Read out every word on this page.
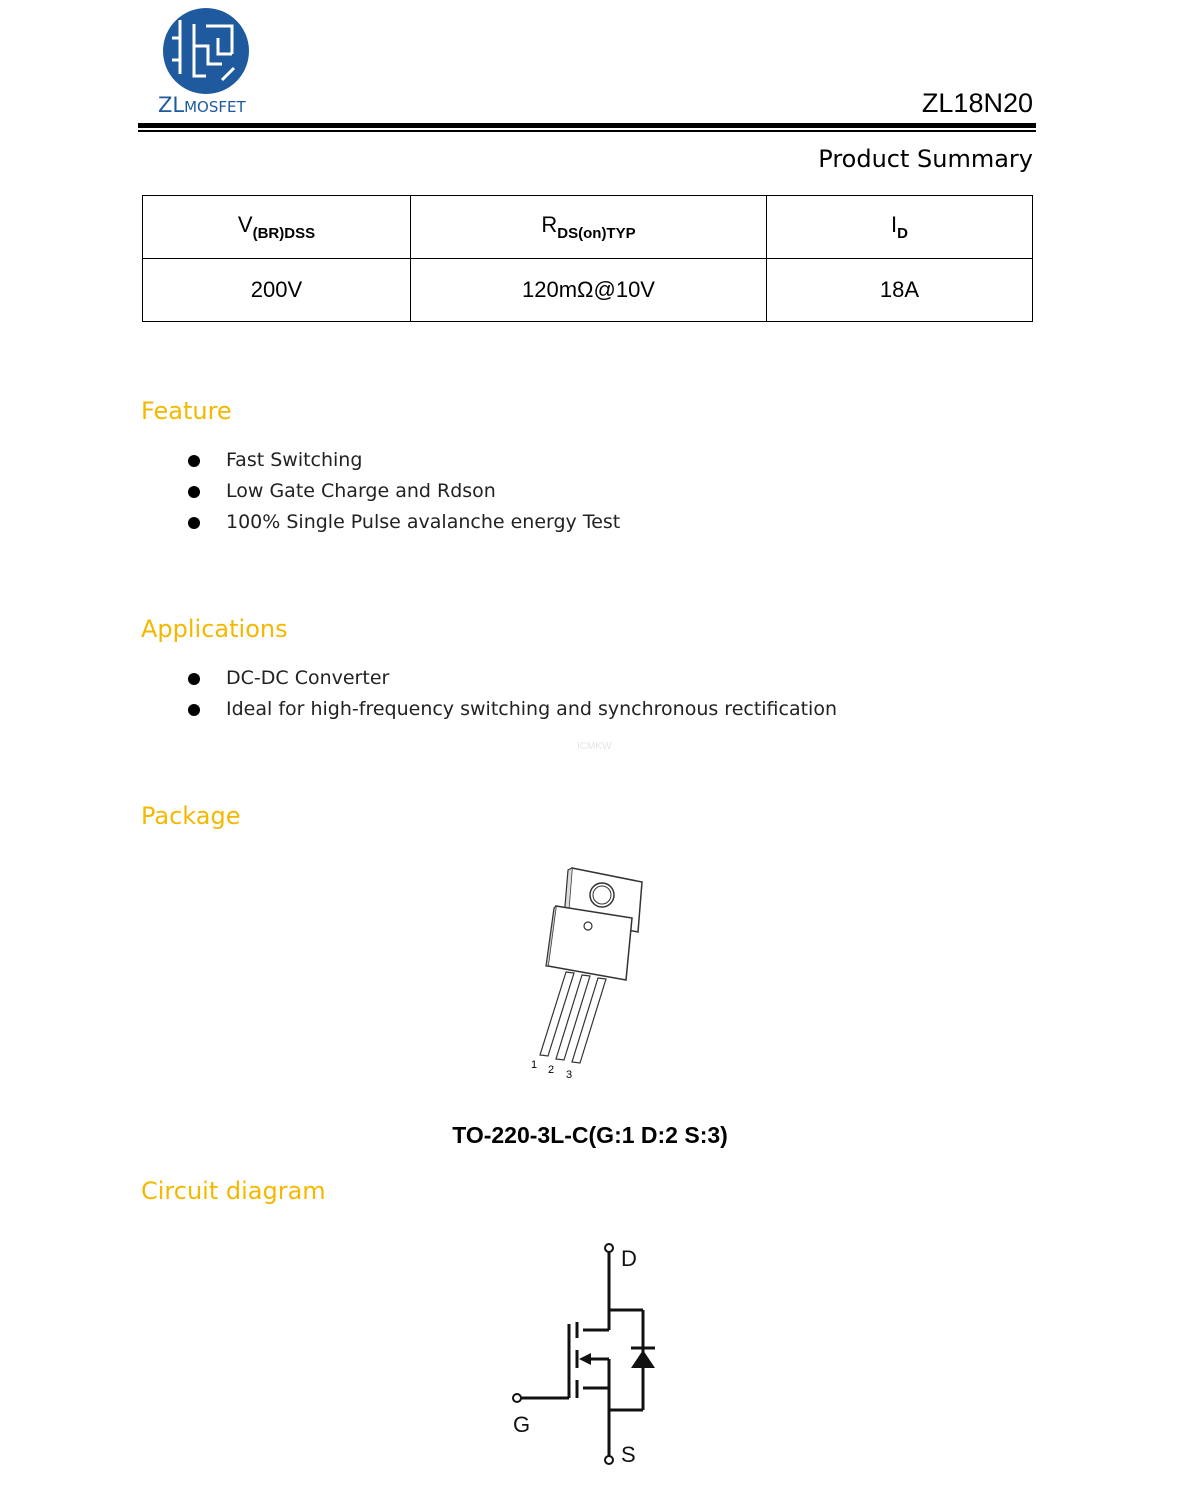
ZLMOSFET	ZL18N20
Product Summary
$V_{(BR)DSS}$	$R_{DS(on)TYP}$	$I_D$
200V	120mΩ@10V	18A
Feature
Fast Switching
Low Gate Charge and Rdson
100% Single Pulse avalanche energy Test
Applications
DC-DC Converter
Ideal for high-frequency switching and synchronous rectification
ICMKW
Package
1 2 3
TO-220-3L-C(G:1 D:2 S:3)
Circuit diagram
D
G
S
